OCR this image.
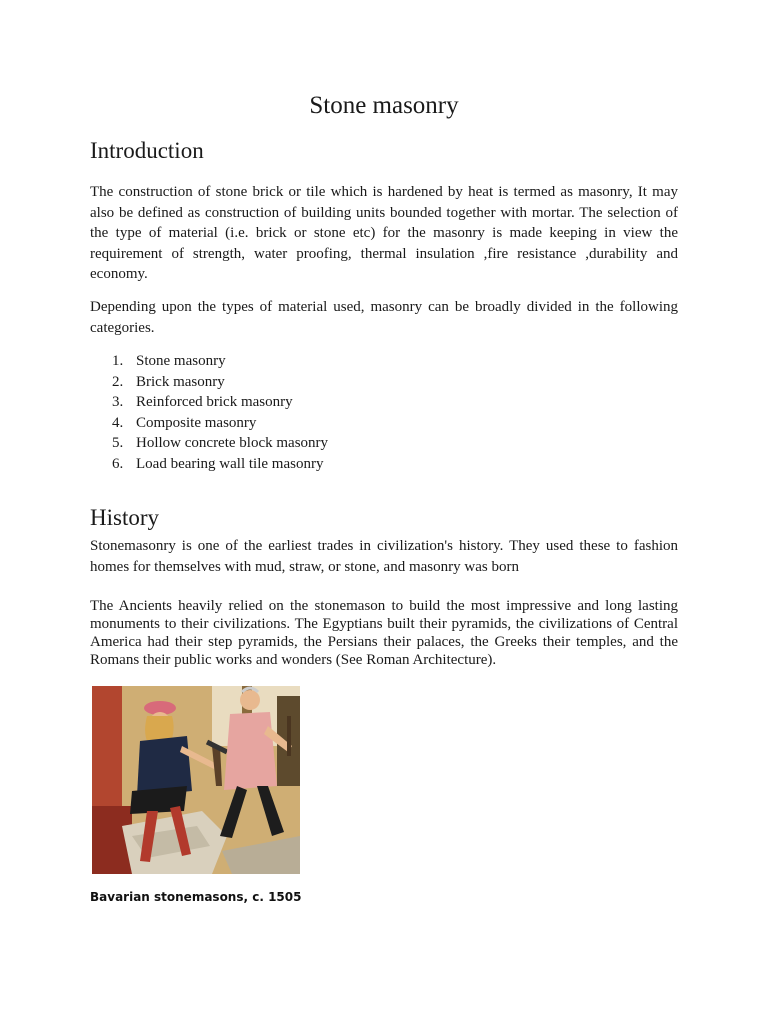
Stone masonry
Introduction

The construction of stone brick or tile which is hardened by heat is termed as masonry, It may also be defined as construction of building units bounded together with mortar. The selection of the type of material (i.e. brick or stone etc) for the masonry is made keeping in view the requirement of strength, water proofing, thermal insulation ,fire resistance ,durability and economy.

Depending upon the types of material used, masonry can be broadly divided in the following categories.

1. Stone masonry
2. Brick masonry
3. Reinforced brick masonry
4. Composite masonry
5. Hollow concrete block masonry
6. Load bearing wall tile masonry
History

Stonemasonry is one of the earliest trades in civilization's history. They used these to fashion homes for themselves with mud, straw, or stone, and masonry was born

The Ancients heavily relied on the stonemason to build the most impressive and long lasting monuments to their civilizations. The Egyptians built their pyramids, the civilizations of Central America had their step pyramids, the Persians their palaces, the Greeks their temples, and the Romans their public works and wonders (See Roman Architecture).

Bavarian stonemasons, c. 1505
